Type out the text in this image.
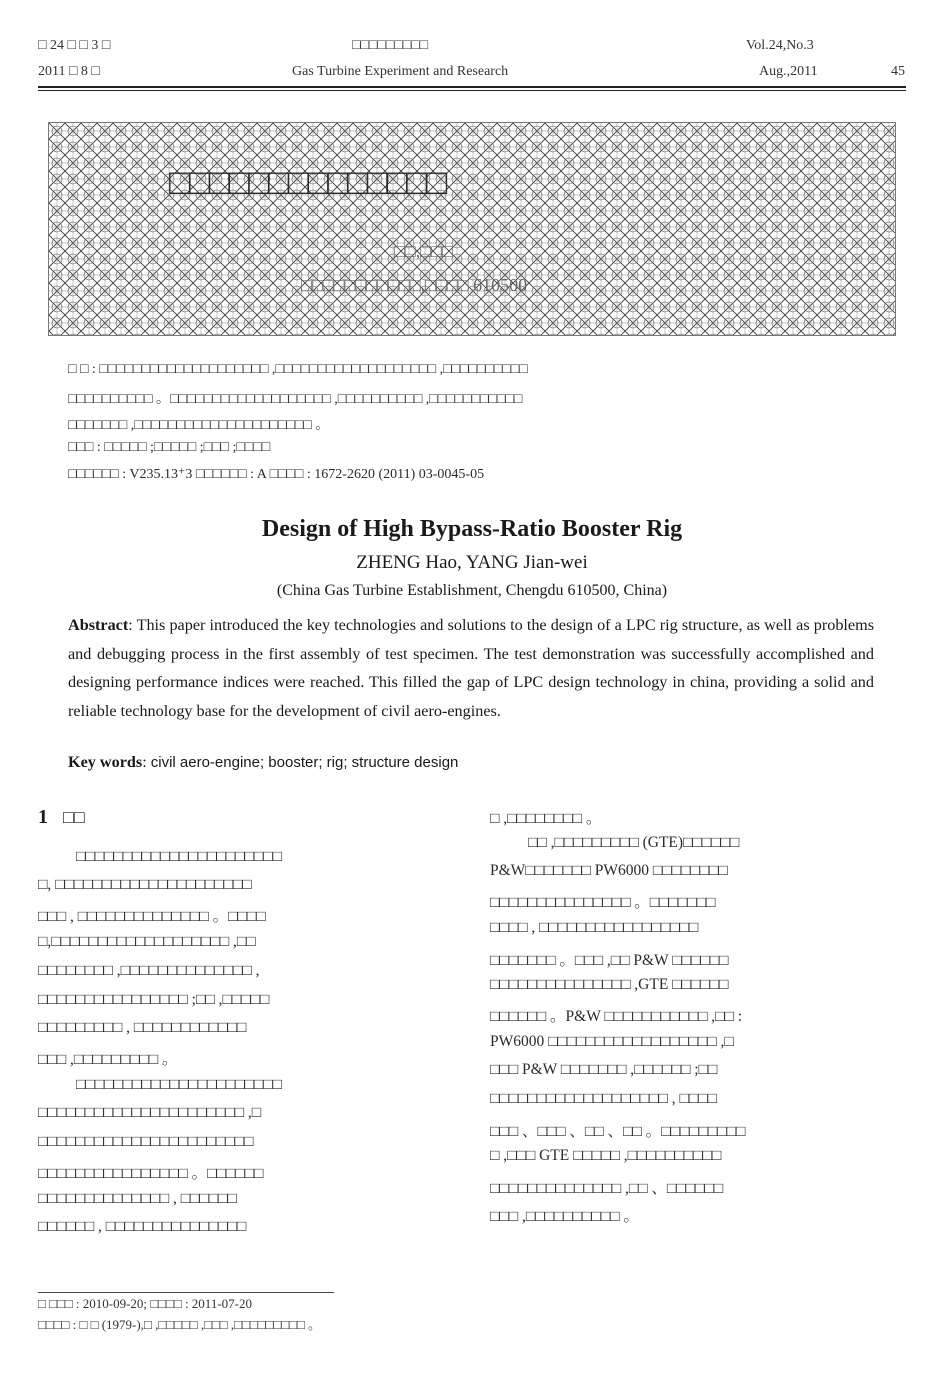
□ 24 □ □ 3 □
2011 □ 8 □
□□□□□□□□□
Gas Turbine Experiment and Research
Vol.24,No.3
Aug.,2011	45
□□□□□□□□□□□□□□
□□,□□□
□□□□□□□□□□□,□□□□ 610500
□ □ : □□□□□□□□□□□□□□□□□□□□ ,□□□□□□□□□□□□□□□□□□□ ,□□□□□□□□□□
□□□□□□□□□□ 。□□□□□□□□□□□□□□□□□□□ ,□□□□□□□□□□ ,□□□□□□□□□□□
□□□□□□□ ,□□□□□□□□□□□□□□□□□□□□□ 。
□□□ : □□□□□ ;□□□□□ ;□□□ ;□□□□
□□□□□□ : V235.13⁺3 □□□□□□ : A □□□□ : 1672-2620 (2011) 03-0045-05
Design of High Bypass-Ratio Booster Rig
ZHENG Hao, YANG Jian-wei
(China Gas Turbine Establishment, Chengdu 610500, China)
Abstract: This paper introduced the key technologies and solutions to the design of a LPC rig structure, as well as problems and debugging process in the first assembly of test specimen. The test demonstration was successfully accomplished and designing performance indices were reached. This filled the gap of LPC design technology in china, providing a solid and reliable technology base for the development of civil aero-engines.
Key words: civil aero-engine; booster; rig; structure design
1 □□
□□□□□□□□□□□□□□□□□□□□□□
□, □□□□□□□□□□□□□□□□□□□□□
□□□ , □□□□□□□□□□□□□□ 。□□□□
□,□□□□□□□□□□□□□□□□□□□ ,□□
□□□□□□□□ ,□□□□□□□□□□□□□□ ,
□□□□□□□□□□□□□□□□ ;□□ ,□□□□□
□□□□□□□□□ , □□□□□□□□□□□□
□□□ ,□□□□□□□□□ 。
□□□□□□□□□□□□□□□□□□□□□□
□□□□□□□□□□□□□□□□□□□□□□ ,□
□□□□□□□□□□□□□□□□□□□□□□□
□□□□□□□□□□□□□□□□ 。□□□□□□
□□□□□□□□□□□□□□ , □□□□□□
□□□□□□ , □□□□□□□□□□□□□□□
□ ,□□□□□□□□ 。
□□ ,□□□□□□□□□ (GTE)□□□□□□
P&W□□□□□□□ PW6000 □□□□□□□□
□□□□□□□□□□□□□□□ 。□□□□□□□
□□□□ , □□□□□□□□□□□□□□□□□
□□□□□□□ 。□□□ ,□□ P&W □□□□□□
□□□□□□□□□□□□□□□ ,GTE □□□□□□
□□□□□□ 。P&W □□□□□□□□□□□ ,□□ :
PW6000 □□□□□□□□□□□□□□□□□□ ,□
□□□ P&W □□□□□□□ ,□□□□□□ ;□□
□□□□□□□□□□□□□□□□□□□ , □□□□
□□□ 、□□□ 、□□ 、□□ 。□□□□□□□□□
□ ,□□□ GTE □□□□□ ,□□□□□□□□□□
□□□□□□□□□□□□□□ ,□□ 、□□□□□□
□□□ ,□□□□□□□□□□ 。
□ □□□ : 2010-09-20; □□□□ : 2011-07-20
□□□□ : □ □ (1979-),□ ,□□□□□ ,□□□ ,□□□□□□□□□ 。
